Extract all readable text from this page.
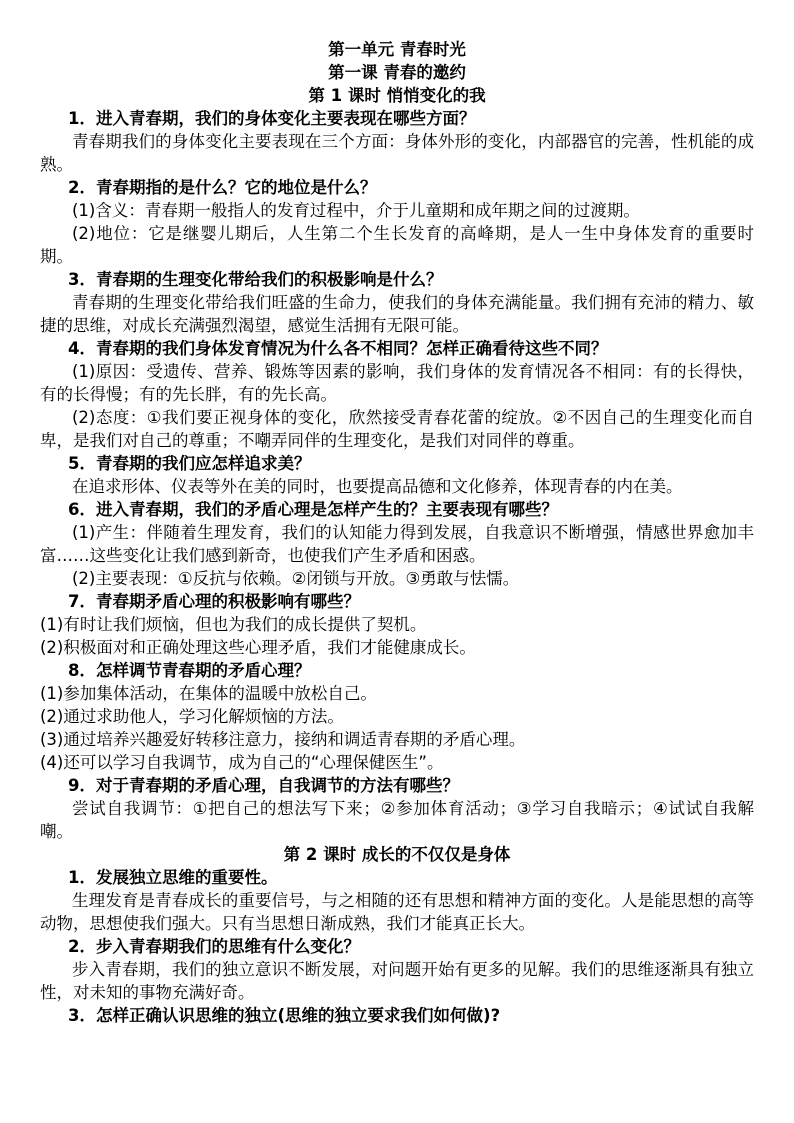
第一单元 青春时光

第一课 青春的邀约

第 1 课时 悄悄变化的我

1．进入青春期，我们的身体变化主要表现在哪些方面？

青春期我们的身体变化主要表现在三个方面：身体外形的变化，内部器官的完善，性机能的成熟。

2．青春期指的是什么？它的地位是什么？

(1)含义：青春期一般指人的发育过程中，介于儿童期和成年期之间的过渡期。

(2)地位：它是继婴儿期后，人生第二个生长发育的高峰期，是人一生中身体发育的重要时期。

3．青春期的生理变化带给我们的积极影响是什么？

青春期的生理变化带给我们旺盛的生命力，使我们的身体充满能量。我们拥有充沛的精力、敏捷的思维，对成长充满强烈渴望，感觉生活拥有无限可能。

4．青春期的我们身体发育情况为什么各不相同？怎样正确看待这些不同？

(1)原因：受遗传、营养、锻炼等因素的影响，我们身体的发育情况各不相同：有的长得快，有的长得慢；有的先长胖，有的先长高。

(2)态度：①我们要正视身体的变化，欣然接受青春花蕾的绽放。②不因自己的生理变化而自卑，是我们对自己的尊重；不嘲弄同伴的生理变化，是我们对同伴的尊重。

5．青春期的我们应怎样追求美？

在追求形体、仪表等外在美的同时，也要提高品德和文化修养，体现青春的内在美。

6．进入青春期，我们的矛盾心理是怎样产生的？主要表现有哪些？

(1)产生：伴随着生理发育，我们的认知能力得到发展，自我意识不断增强，情感世界愈加丰富……这些变化让我们感到新奇，也使我们产生矛盾和困惑。

(2)主要表现：①反抗与依赖。②闭锁与开放。③勇敢与怯懦。

7．青春期矛盾心理的积极影响有哪些？

(1)有时让我们烦恼，但也为我们的成长提供了契机。

(2)积极面对和正确处理这些心理矛盾，我们才能健康成长。

8．怎样调节青春期的矛盾心理？

(1)参加集体活动，在集体的温暖中放松自己。

(2)通过求助他人，学习化解烦恼的方法。

(3)通过培养兴趣爱好转移注意力，接纳和调适青春期的矛盾心理。

(4)还可以学习自我调节，成为自己的“心理保健医生”。

9．对于青春期的矛盾心理，自我调节的方法有哪些？

尝试自我调节：①把自己的想法写下来；②参加体育活动；③学习自我暗示；④试试自我解嘲。

第 2 课时 成长的不仅仅是身体

1．发展独立思维的重要性。

生理发育是青春成长的重要信号，与之相随的还有思想和精神方面的变化。人是能思想的高等动物，思想使我们强大。只有当思想日渐成熟，我们才能真正长大。

2．步入青春期我们的思维有什么变化？

步入青春期，我们的独立意识不断发展，对问题开始有更多的见解。我们的思维逐渐具有独立性，对未知的事物充满好奇。

3．怎样正确认识思维的独立(思维的独立要求我们如何做)?
